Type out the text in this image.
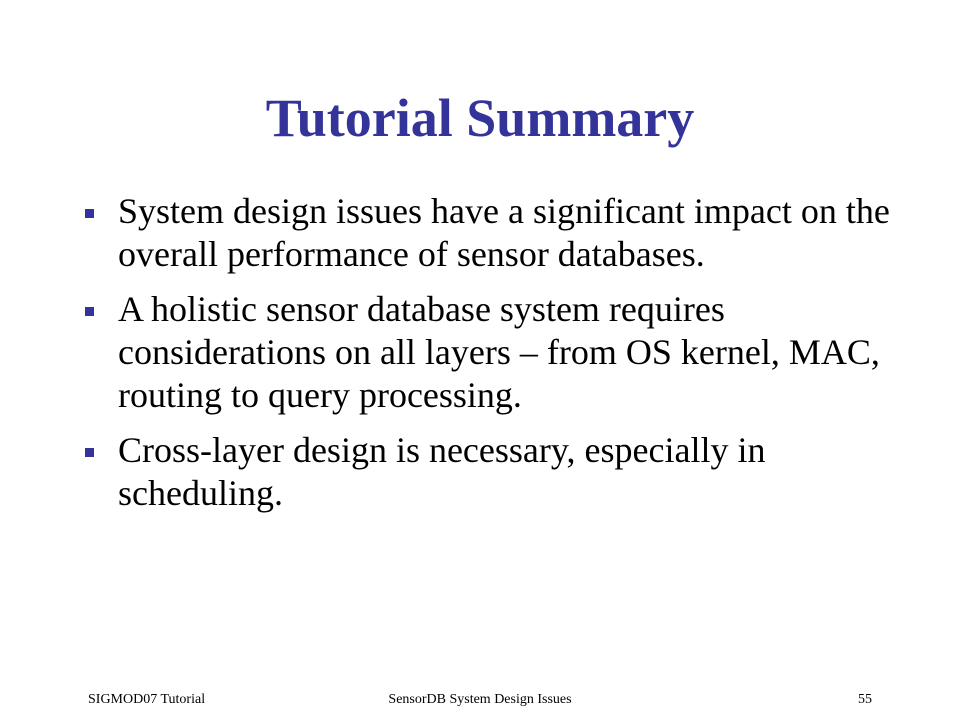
Tutorial Summary
System design issues have a significant impact on the overall performance of sensor databases.
A holistic sensor database system requires considerations on all layers – from OS kernel, MAC, routing to query processing.
Cross-layer design is necessary, especially in scheduling.
SIGMOD07 Tutorial	SensorDB System Design Issues	55
